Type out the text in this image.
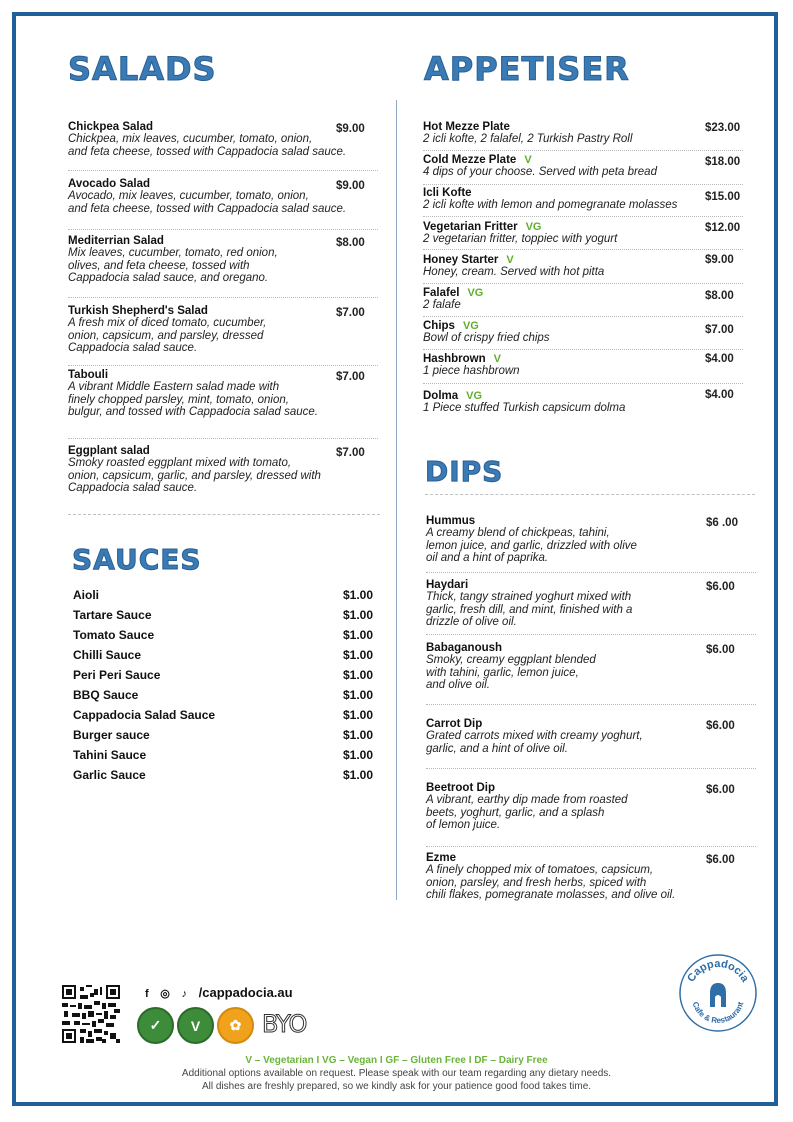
SALADS
Chickpea Salad
Chickpea, mix leaves, cucumber, tomato, onion,
and feta cheese, tossed with Cappadocia salad sauce.
$9.00
Avocado Salad
Avocado, mix leaves, cucumber, tomato, onion,
and feta cheese, tossed with Cappadocia salad sauce.
$9.00
Mediterrian Salad
Mix leaves, cucumber, tomato, red onion,
olives, and feta cheese, tossed with
Cappadocia salad sauce, and oregano.
$8.00
Turkish Shepherd's Salad
A fresh mix of diced tomato, cucumber,
onion, capsicum, and parsley, dressed
Cappadocia salad sauce.
$7.00
Tabouli
A vibrant Middle Eastern salad made with
finely chopped parsley, mint, tomato, onion,
bulgur, and tossed with Cappadocia salad sauce.
$7.00
Eggplant salad
Smoky roasted eggplant mixed with tomato,
onion, capsicum, garlic, and parsley, dressed with
Cappadocia salad sauce.
$7.00
SAUCES
Aioli	$1.00
Tartare Sauce	$1.00
Tomato Sauce	$1.00
Chilli Sauce	$1.00
Peri Peri Sauce	$1.00
BBQ Sauce	$1.00
Cappadocia Salad Sauce	$1.00
Burger sauce	$1.00
Tahini Sauce	$1.00
Garlic Sauce	$1.00
APPETISER
Hot Mezze Plate
2 icli kofte, 2 falafel, 2 Turkish Pastry Roll
$23.00
Cold Mezze Plate V
4 dips of your choose. Served with peta bread
$18.00
Icli Kofte
2 icli kofte with lemon and pomegranate molasses
$15.00
Vegetarian Fritter VG
2 vegetarian fritter, toppiec with yogurt
$12.00
Honey Starter V
Honey, cream. Served with hot pitta
$9.00
Falafel VG
2 falafe
$8.00
Chips VG
Bowl of crispy fried chips
$7.00
Hashbrown V
1 piece hashbrown
$4.00
Dolma VG
1 Piece stuffed Turkish capsicum dolma
$4.00
DIPS
Hummus
A creamy blend of chickpeas, tahini,
lemon juice, and garlic, drizzled with olive
oil and a hint of paprika.
$6 .00
Haydari
Thick, tangy strained yoghurt mixed with
garlic, fresh dill, and mint, finished with a
drizzle of olive oil.
$6.00
Babaganoush
Smoky, creamy eggplant blended
with tahini, garlic, lemon juice,
and olive oil.
$6.00
Carrot Dip
Grated carrots mixed with creamy yoghurt,
garlic, and a hint of olive oil.
$6.00
Beetroot Dip
A vibrant, earthy dip made from roasted
beets, yoghurt, garlic, and a splash
of lemon juice.
$6.00
Ezme
A finely chopped mix of tomatoes, capsicum,
onion, parsley, and fresh herbs, spiced with
chili flakes, pomegranate molasses, and olive oil.
$6.00
f ◎ ♪ /cappadocia.au
✓	V	✿ BYO
Cappadocia
Cafe & Restaurant
V – Vegetarian I VG – Vegan I GF – Gluten Free I DF – Dairy Free
Additional options available on request. Please speak with our team regarding any dietary needs.
All dishes are freshly prepared, so we kindly ask for your patience good food takes time.
